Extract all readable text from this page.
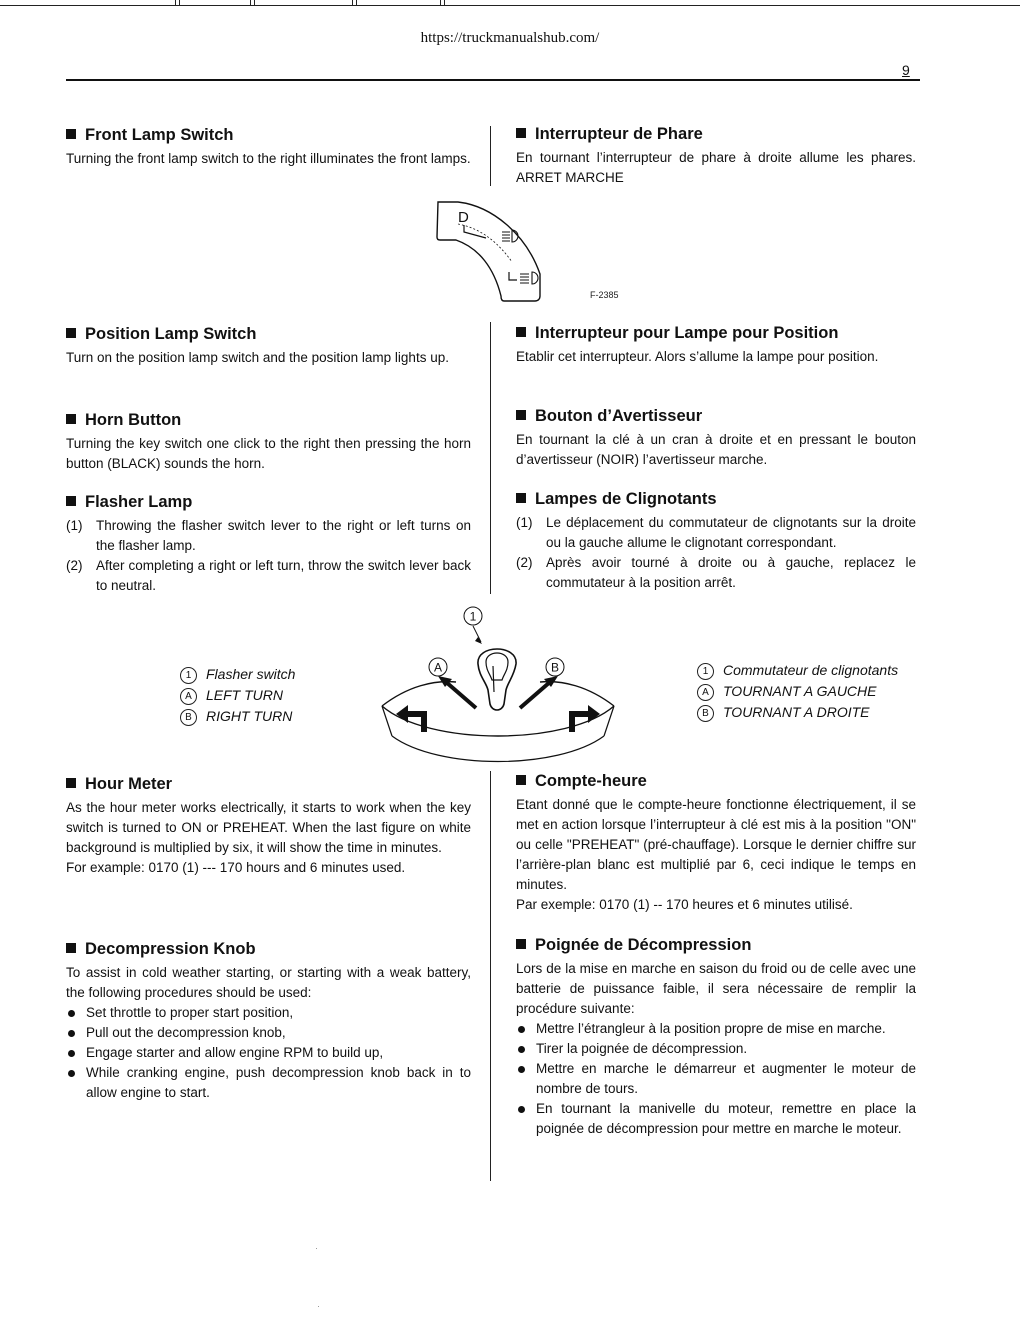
https://truckmanualshub.com/
9
Front Lamp Switch

Turning the front lamp switch to the right illuminates the front lamps.

Interrupteur de Phare

En tournant l’interrupteur de phare à droite allume les phares. ARRET MARCHE

D
F-2385
Position Lamp Switch

Turn on the position lamp switch and the position lamp lights up.

Interrupteur pour Lampe pour Position

Etablir cet interrupteur. Alors s’allume la lampe pour position.

Horn Button

Turning the key switch one click to the right then pressing the horn button (BLACK) sounds the horn.

Bouton d’Avertisseur

En tournant la clé à un cran à droite et en pressant le bouton d’avertisseur (NOIR) l’avertisseur marche.

Flasher Lamp
(1) Throwing the flasher switch lever to the right or left turns on the flasher lamp.
(2) After completing a right or left turn, throw the switch lever back to neutral.
Lampes de Clignotants
(1) Le déplacement du commutateur de clignotants sur la droite ou la gauche allume le clignotant correspondant.
(2) Après avoir tourné à droite ou à gauche, replacez le commutateur à la position arrêt.
1
A	B
1 Flasher switch
A LEFT TURN
B RIGHT TURN
1 Commutateur de clignotants
A TOURNANT A GAUCHE
B TOURNANT A DROITE
Hour Meter

As the hour meter works electrically, it starts to work when the key switch is turned to ON or PREHEAT. When the last figure on white background is multiplied by six, it will show the time in minutes.

For example: 0170 (1) --- 170 hours and 6 minutes used.

Compte-heure

Etant donné que le compte-heure fonctionne électriquement, il se met en action lorsque l’interrupteur à clé est mis à la position "ON" ou celle "PREHEAT" (pré-chauffage). Lorsque le dernier chiffre sur l’arrière-plan blanc est multiplié par 6, ceci indique le temps en minutes.

Par exemple: 0170 (1) -- 170 heures et 6 minutes utilisé.

Decompression Knob

To assist in cold weather starting, or starting with a weak battery, the following procedures should be used:

Set throttle to proper start position,
Pull out the decompression knob,
Engage starter and allow engine RPM to build up,
While cranking engine, push decompression knob back in to allow engine to start.
Poignée de Décompression

Lors de la mise en marche en saison du froid ou de celle avec une batterie de puissance faible, il sera nécessaire de remplir la procédure suivante:

Mettre l’étrangleur à la position propre de mise en marche.
Tirer la poignée de décompression.
Mettre en marche le démarreur et augmenter le moteur de nombre de tours.
En tournant la manivelle du moteur, remettre en place la poignée de décompression pour mettre en marche le moteur.
